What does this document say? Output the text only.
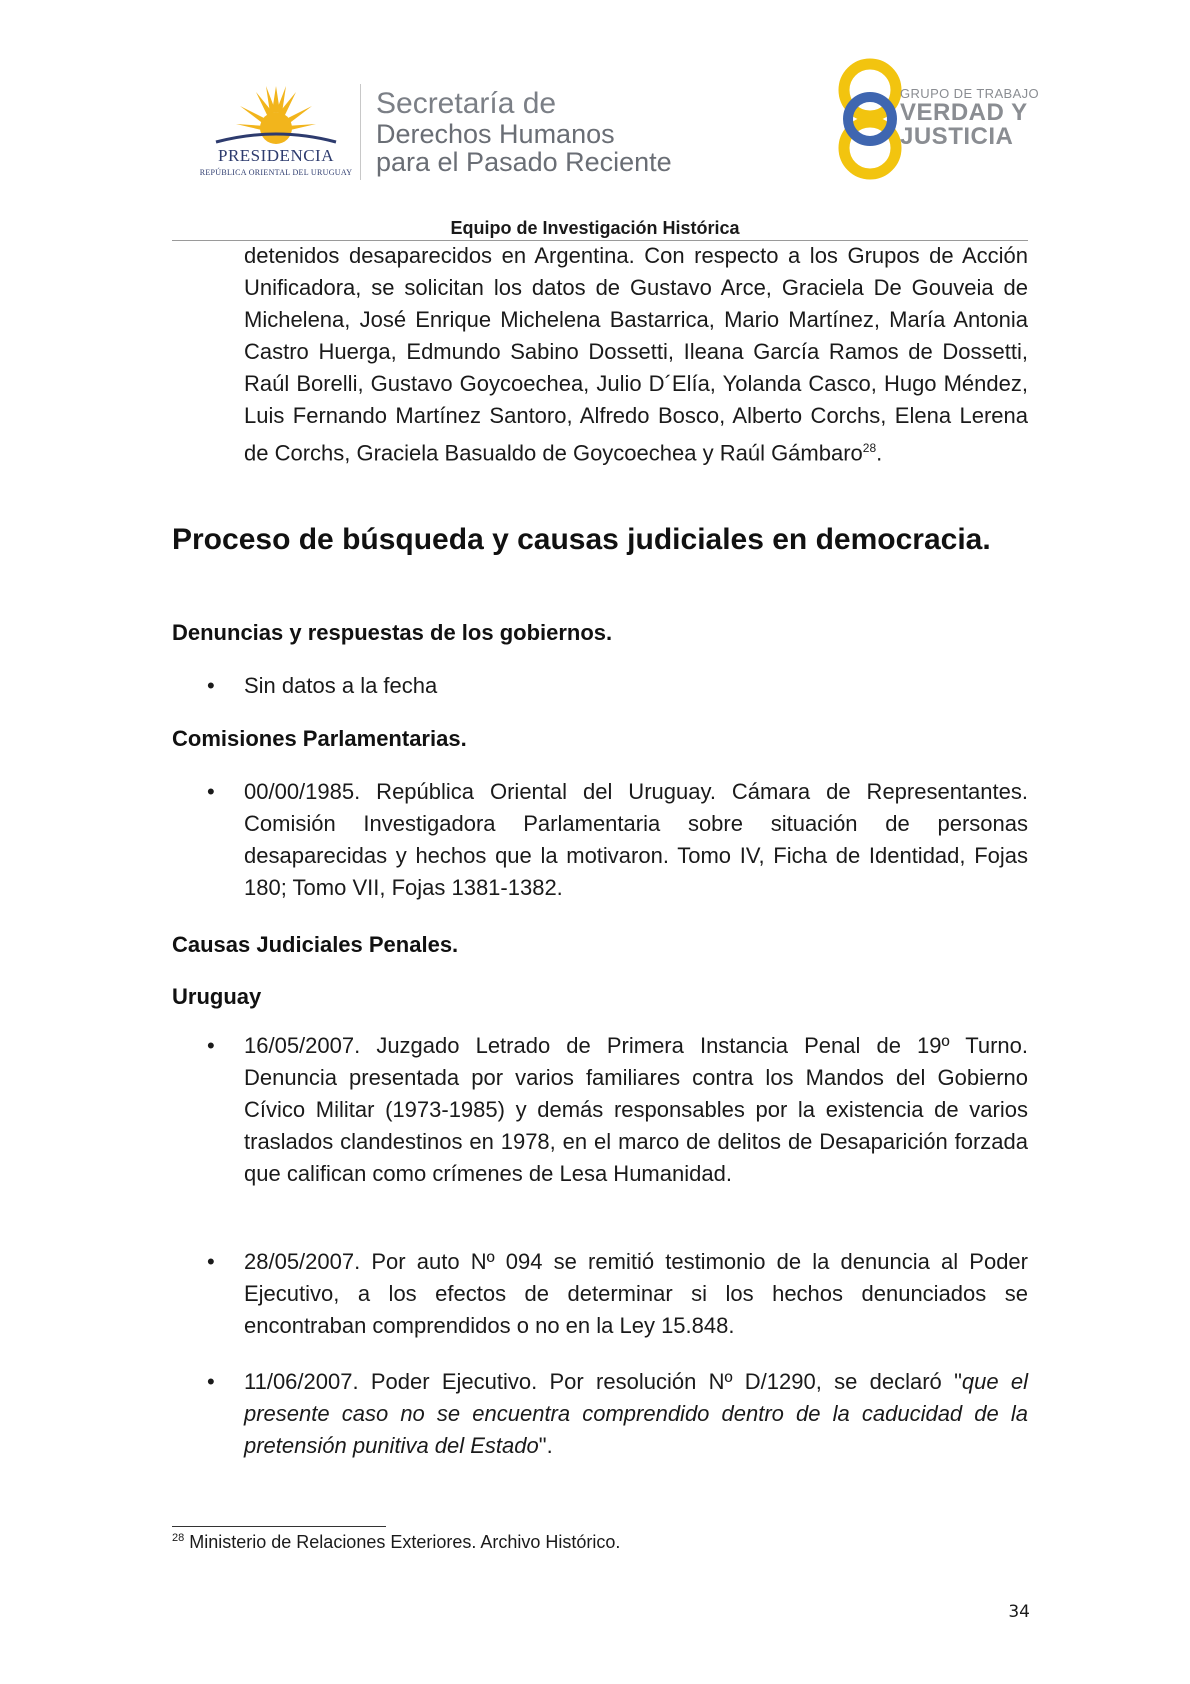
PRESIDENCIA
REPÚBLICA ORIENTAL DEL URUGUAY
Secretaría de
Derechos Humanos
para el Pasado Reciente
GRUPO DE TRABAJO
VERDAD Y
JUSTICIA
Equipo de Investigación Histórica
detenidos desaparecidos en Argentina. Con respecto a los Grupos de Acción Unificadora, se solicitan los datos de Gustavo Arce, Graciela De Gouveia de Michelena, José Enrique Michelena Bastarrica, Mario Martínez, María Antonia Castro Huerga, Edmundo Sabino Dossetti, Ileana García Ramos de Dossetti, Raúl Borelli, Gustavo Goycoechea, Julio D´Elía, Yolanda Casco, Hugo Méndez, Luis Fernando Martínez Santoro, Alfredo Bosco, Alberto Corchs, Elena Lerena de Corchs, Graciela Basualdo de Goycoechea y Raúl Gámbaro$^{28}$.
Proceso de búsqueda y causas judiciales en democracia.
Denuncias y respuestas de los gobiernos.
• Sin datos a la fecha
Comisiones Parlamentarias.
• 00/00/1985. República Oriental del Uruguay. Cámara de Representantes. Comisión Investigadora Parlamentaria sobre situación de personas desaparecidas y hechos que la motivaron. Tomo IV, Ficha de Identidad, Fojas 180; Tomo VII, Fojas 1381-1382.
Causas Judiciales Penales.
Uruguay
• 16/05/2007. Juzgado Letrado de Primera Instancia Penal de 19º Turno. Denuncia presentada por varios familiares contra los Mandos del Gobierno Cívico Militar (1973-1985) y demás responsables por la existencia de varios traslados clandestinos en 1978, en el marco de delitos de Desaparición forzada que califican como crímenes de Lesa Humanidad.
• 28/05/2007. Por auto Nº 094 se remitió testimonio de la denuncia al Poder Ejecutivo, a los efectos de determinar si los hechos denunciados se encontraban comprendidos o no en la Ley 15.848.
• 11/06/2007. Poder Ejecutivo. Por resolución Nº D/1290, se declaró "que el presente caso no se encuentra comprendido dentro de la caducidad de la pretensión punitiva del Estado".
$^{28}$ Ministerio de Relaciones Exteriores. Archivo Histórico.
34
